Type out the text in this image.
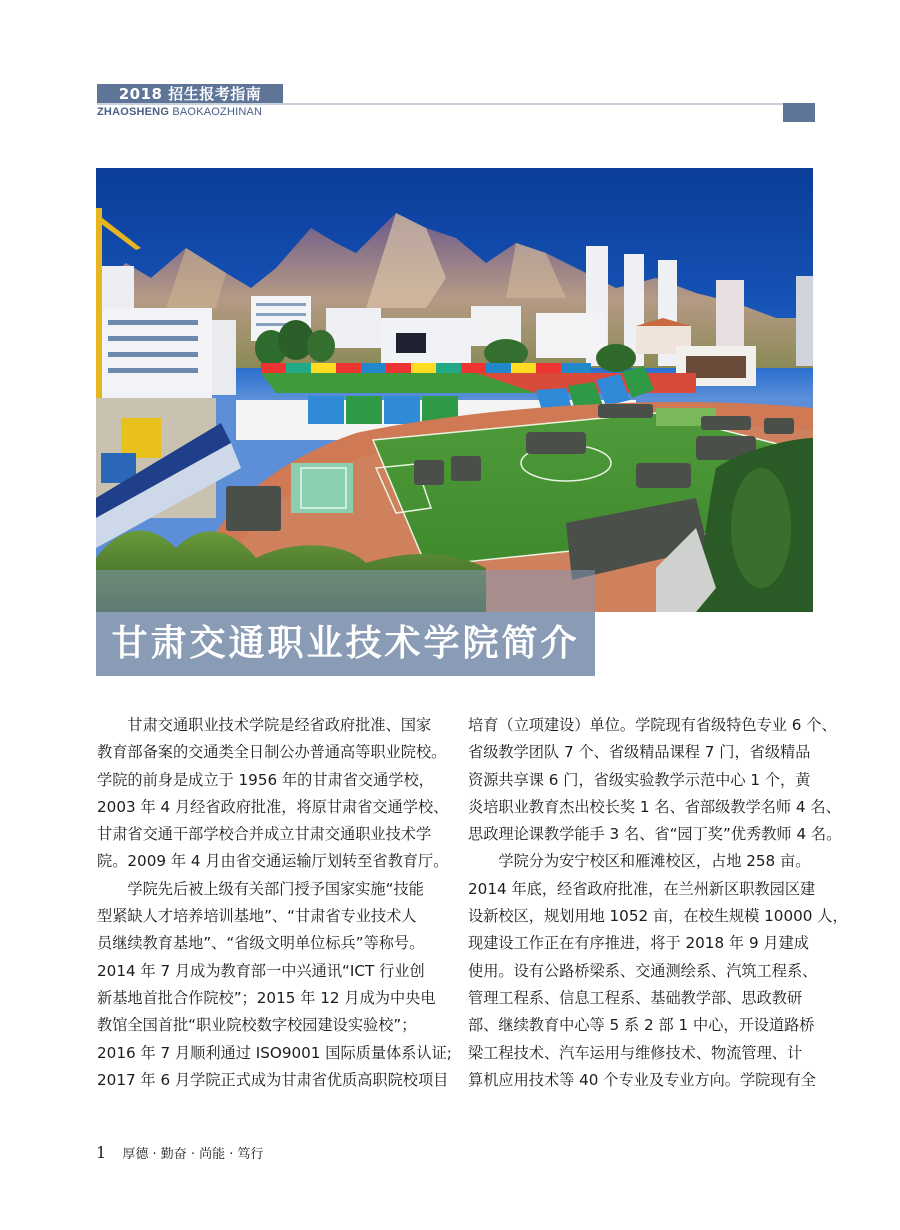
2018 招生报考指南
ZHAOSHENG BAOKAOZHINAN
甘肃交通职业技术学院简介
甘肃交通职业技术学院是经省政府批准、国家
教育部备案的交通类全日制公办普通高等职业院校。
学院的前身是成立于 1956 年的甘肃省交通学校，
2003 年 4 月经省政府批准，将原甘肃省交通学校、
甘肃省交通干部学校合并成立甘肃交通职业技术学
院。2009 年 4 月由省交通运输厅划转至省教育厅。
学院先后被上级有关部门授予国家实施“技能
型紧缺人才培养培训基地”、“甘肃省专业技术人
员继续教育基地”、“省级文明单位标兵”等称号。
2014 年 7 月成为教育部一中兴通讯“ICT 行业创
新基地首批合作院校”；2015 年 12 月成为中央电
教馆全国首批“职业院校数字校园建设实验校”；
2016 年 7 月顺利通过 ISO9001 国际质量体系认证;
2017 年 6 月学院正式成为甘肃省优质高职院校项目
培育（立项建设）单位。学院现有省级特色专业 6 个、
省级教学团队 7 个、省级精品课程 7 门，省级精品
资源共享课 6 门，省级实验教学示范中心 1 个，黄
炎培职业教育杰出校长奖 1 名、省部级教学名师 4 名、
思政理论课教学能手 3 名、省“园丁奖”优秀教师 4 名。
学院分为安宁校区和雁滩校区，占地 258 亩。
2014 年底，经省政府批准，在兰州新区职教园区建
设新校区，规划用地 1052 亩，在校生规模 10000 人，
现建设工作正在有序推进，将于 2018 年 9 月建成
使用。设有公路桥梁系、交通测绘系、汽筑工程系、
管理工程系、信息工程系、基础教学部、思政教研
部、继续教育中心等 5 系 2 部 1 中心，开设道路桥
梁工程技术、汽车运用与维修技术、物流管理、计
算机应用技术等 40 个专业及专业方向。学院现有全
1 厚德 · 勤奋 · 尚能 · 笃行
